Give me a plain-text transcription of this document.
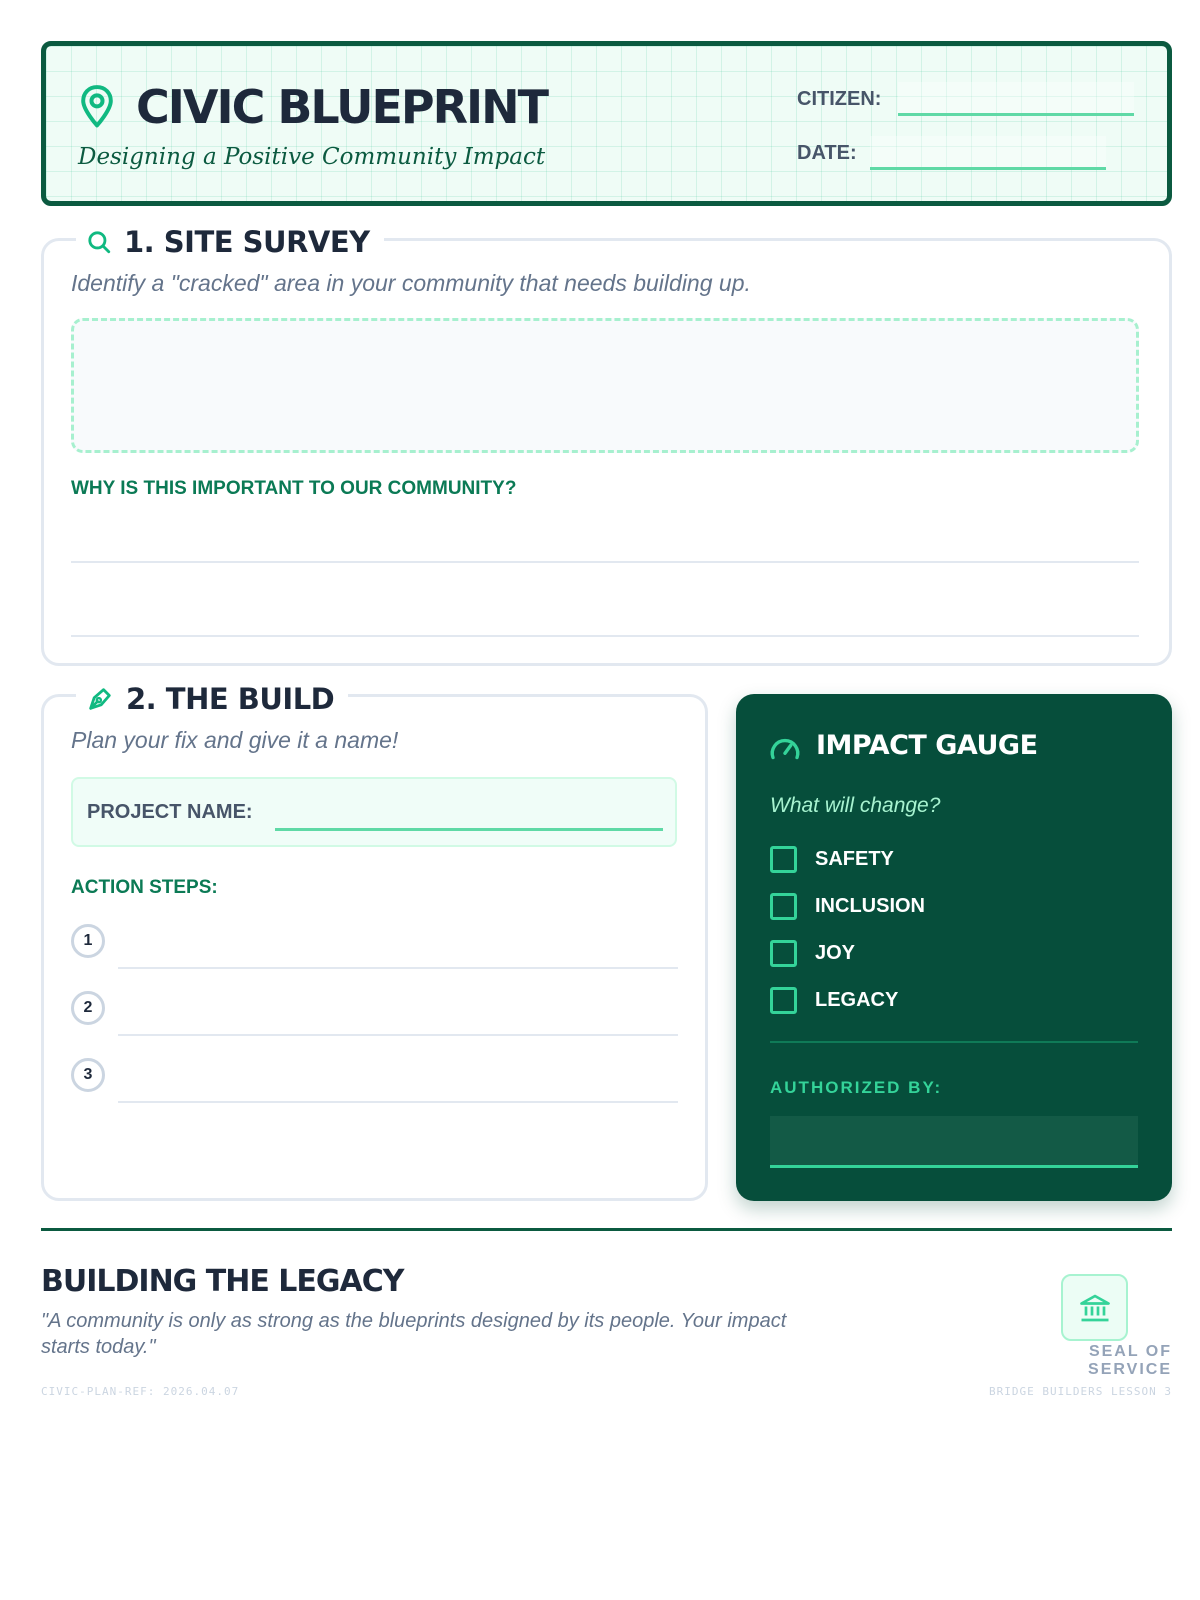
CIVIC BLUEPRINT
Designing a Positive Community Impact
CITIZEN:
DATE:
1. SITE SURVEY
Identify a "cracked" area in your community that needs building up.
WHY IS THIS IMPORTANT TO OUR COMMUNITY?
2. THE BUILD
Plan your fix and give it a name!
PROJECT NAME:
ACTION STEPS:
1
2
3
IMPACT GAUGE
What will change?
SAFETY
INCLUSION
JOY
LEGACY
AUTHORIZED BY:
BUILDING THE LEGACY
"A community is only as strong as the blueprints designed by its people. Your impact starts today."	SEAL OF SERVICE
CIVIC-PLAN-REF: 2026.04.07	BRIDGE BUILDERS LESSON 3
